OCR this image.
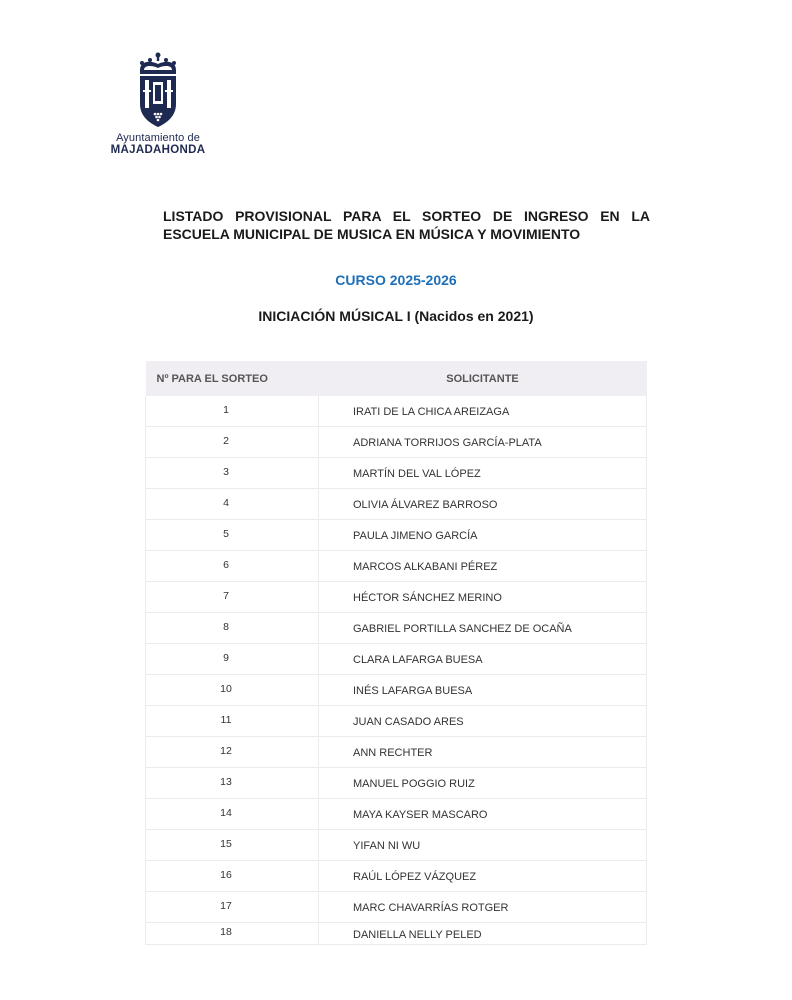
Ayuntamiento de
MAJADAHONDA
LISTADO PROVISIONAL PARA EL SORTEO DE INGRESO EN LA ESCUELA MUNICIPAL DE MUSICA EN MÚSICA Y MOVIMIENTO
CURSO 2025-2026
INICIACIÓN MÚSICAL I (Nacidos en 2021)
Nº PARA EL SORTEO	SOLICITANTE
1	IRATI DE LA CHICA AREIZAGA
2	ADRIANA TORRIJOS GARCÍA-PLATA
3	MARTÍN DEL VAL LÓPEZ
4	OLIVIA ÁLVAREZ BARROSO
5	PAULA JIMENO GARCÍA
6	MARCOS ALKABANI PÉREZ
7	HÉCTOR SÁNCHEZ MERINO
8	GABRIEL PORTILLA SANCHEZ DE OCAÑA
9	CLARA LAFARGA BUESA
10	INÉS LAFARGA BUESA
11	JUAN CASADO ARES
12	ANN RECHTER
13	MANUEL POGGIO RUIZ
14	MAYA KAYSER MASCARO
15	YIFAN NI WU
16	RAÚL LÓPEZ VÁZQUEZ
17	MARC CHAVARRÍAS ROTGER
18	DANIELLA NELLY PELED
